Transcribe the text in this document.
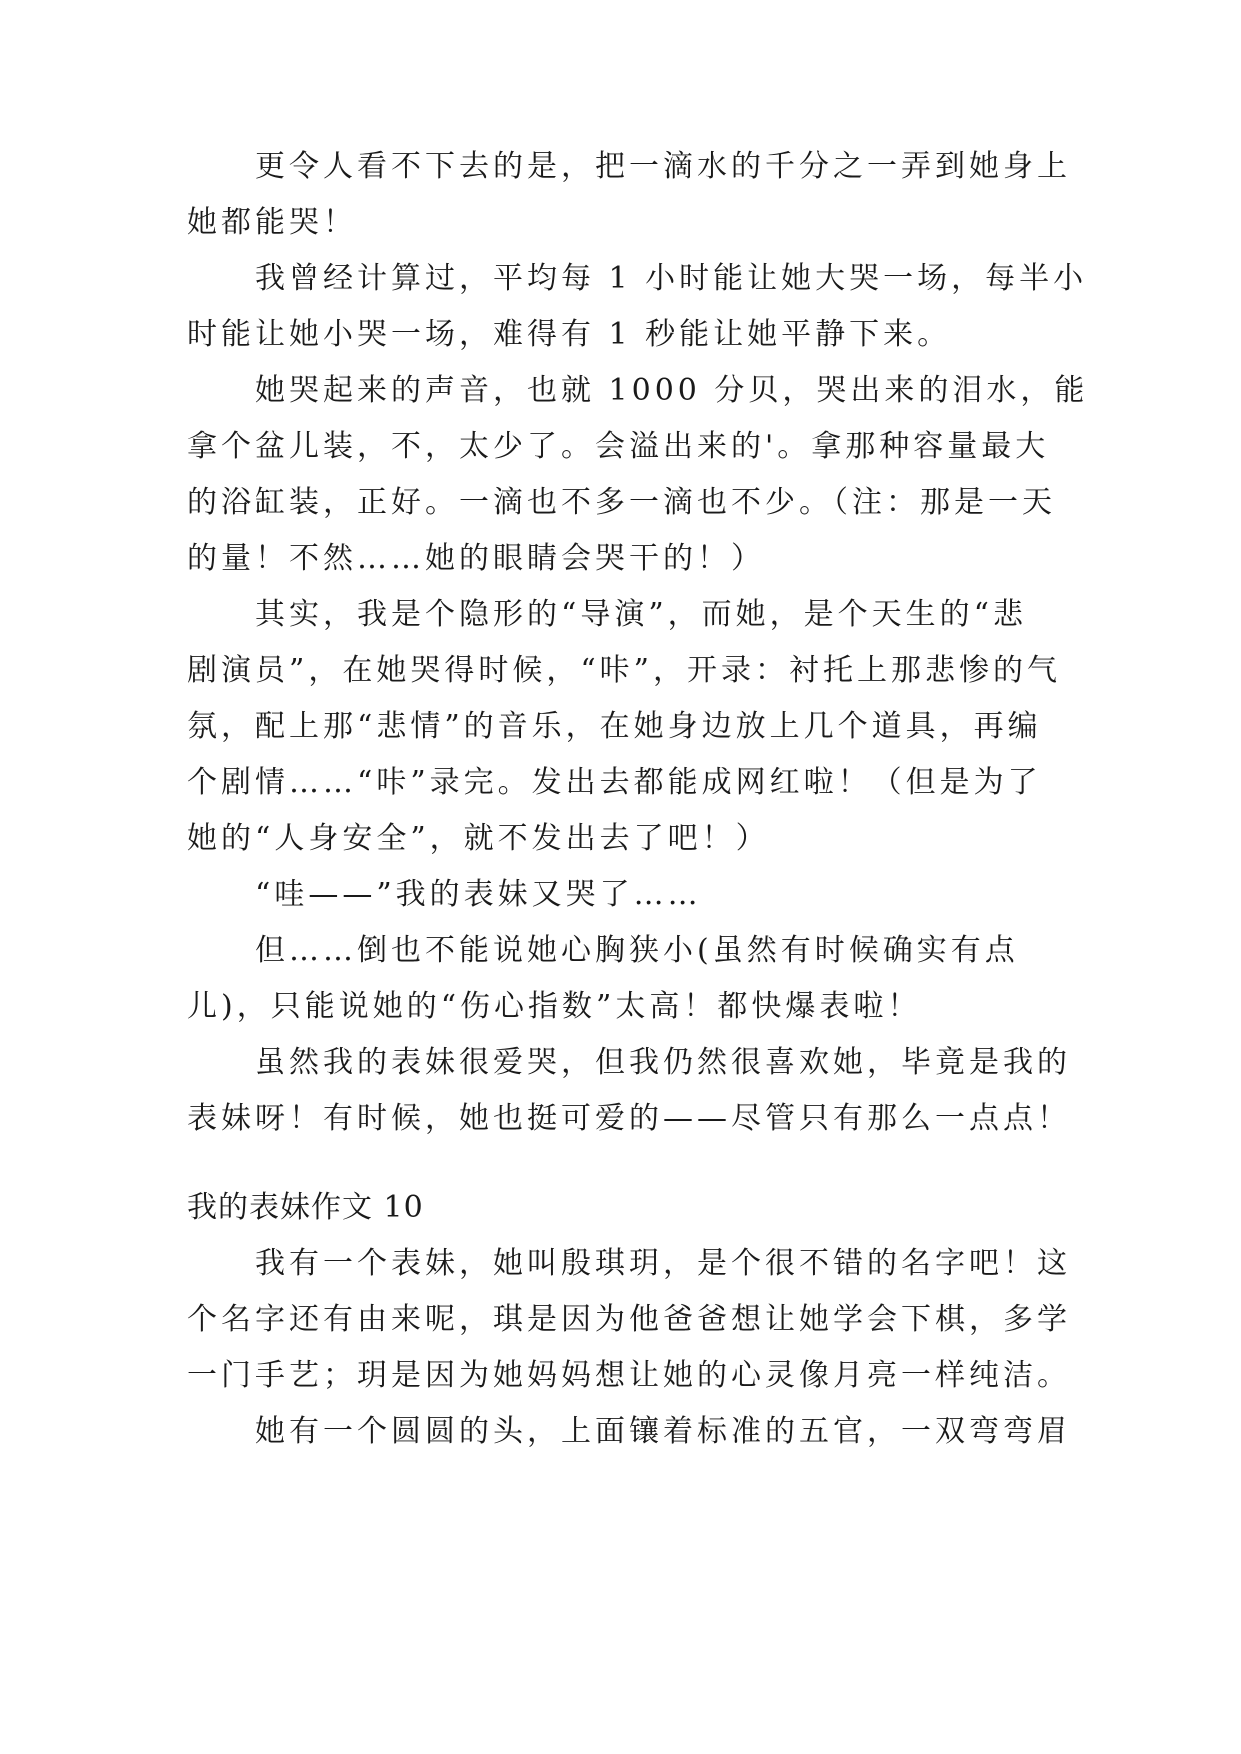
更令人看不下去的是，把一滴水的千分之一弄到她身上
她都能哭！
我曾经计算过，平均每 1 小时能让她大哭一场，每半小
时能让她小哭一场，难得有 1 秒能让她平静下来。
她哭起来的声音，也就 1000 分贝，哭出来的泪水，能
拿个盆儿装，不，太少了。会溢出来的'。拿那种容量最大
的浴缸装，正好。一滴也不多一滴也不少。（注：那是一天
的量！不然……她的眼睛会哭干的！）
其实，我是个隐形的“导演”，而她，是个天生的“悲
剧演员”，在她哭得时候，“咔”，开录：衬托上那悲惨的气
氛，配上那“悲情”的音乐，在她身边放上几个道具，再编
个剧情……“咔”录完。发出去都能成网红啦！（但是为了
她的“人身安全”，就不发出去了吧！）
“哇——”我的表妹又哭了……
但……倒也不能说她心胸狭小(虽然有时候确实有点
儿)，只能说她的“伤心指数”太高！都快爆表啦！
虽然我的表妹很爱哭，但我仍然很喜欢她，毕竟是我的
表妹呀！有时候，她也挺可爱的——尽管只有那么一点点！
我的表妹作文 10
我有一个表妹，她叫殷琪玥，是个很不错的名字吧！这
个名字还有由来呢，琪是因为他爸爸想让她学会下棋，多学
一门手艺；玥是因为她妈妈想让她的心灵像月亮一样纯洁。
她有一个圆圆的头，上面镶着标准的五官，一双弯弯眉
